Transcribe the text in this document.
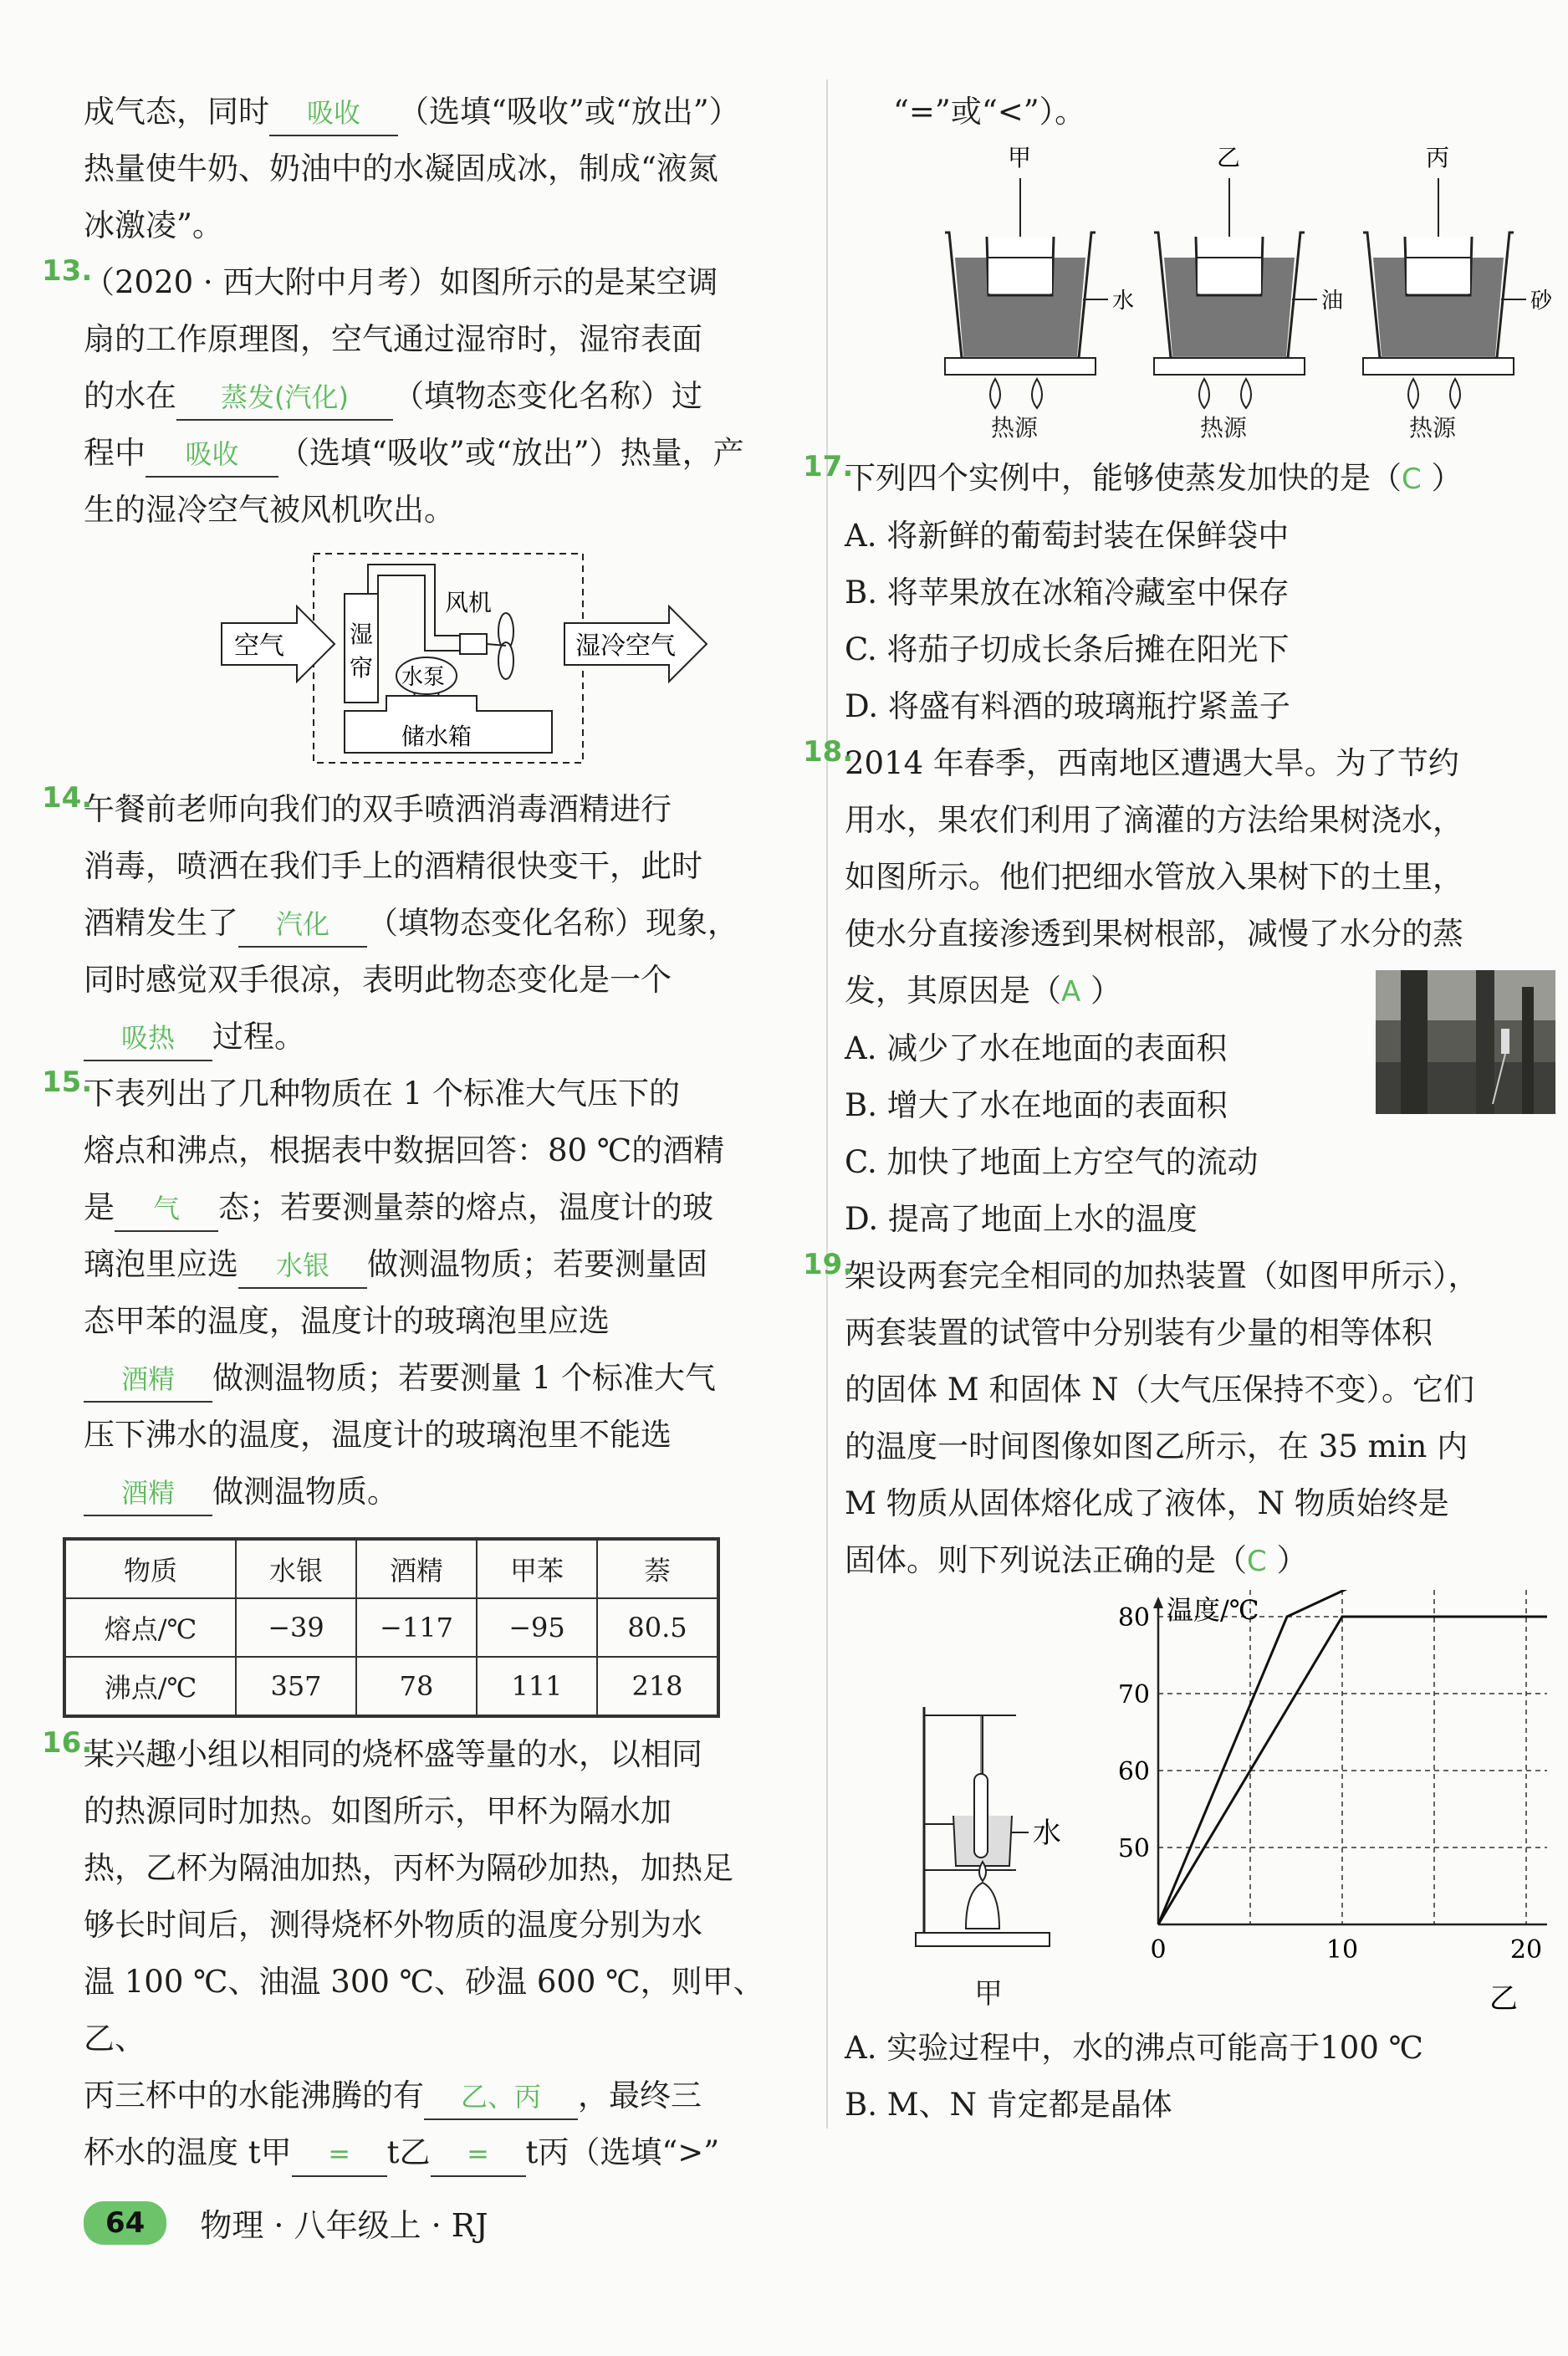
成气态，同时 吸收 （选填“吸收”或“放出”）

热量使牛奶、奶油中的水凝固成冰，制成“液氮

冰激凌”。

13.

（2020 · 西大附中月考）如图所示的是某空调

扇的工作原理图，空气通过湿帘时，湿帘表面

的水在 蒸发(汽化) （填物态变化名称）过

程中 吸收 （选填“吸收”或“放出”）热量，产

生的湿冷空气被风机吹出。

空气	湿
帘
风机
水泵
储水箱
湿冷空气
14.

午餐前老师向我们的双手喷洒消毒酒精进行

消毒，喷洒在我们手上的酒精很快变干，此时

酒精发生了 汽化 （填物态变化名称）现象，

同时感觉双手很凉，表明此物态变化是一个

吸热 过程。

15.

下表列出了几种物质在 1 个标准大气压下的

熔点和沸点，根据表中数据回答：80 ℃的酒精

是 气 态；若要测量萘的熔点，温度计的玻

璃泡里应选 水银 做测温物质；若要测量固

态甲苯的温度，温度计的玻璃泡里应选

酒精 做测温物质；若要测量 1 个标准大气

压下沸水的温度，温度计的玻璃泡里不能选

酒精 做测温物质。

物质	水银	酒精	甲苯	萘
熔点/℃	−39	−117	−95	80.5
沸点/℃	357	78	111	218
16.

某兴趣小组以相同的烧杯盛等量的水，以相同

的热源同时加热。如图所示，甲杯为隔水加

热，乙杯为隔油加热，丙杯为隔砂加热，加热足

够长时间后，测得烧杯外物质的温度分别为水

温 100 ℃、油温 300 ℃、砂温 600 ℃，则甲、乙、

丙三杯中的水能沸腾的有 乙、丙 ，最终三

杯水的温度 t甲 = t乙 = t丙（选填“>”

“=”或“<”）。

甲
水
乙
油
丙
砂
热源	热源	热源
17.

下列四个实例中，能够使蒸发加快的是（C ）

A. 将新鲜的葡萄封装在保鲜袋中

B. 将苹果放在冰箱冷藏室中保存

C. 将茄子切成长条后摊在阳光下

D. 将盛有料酒的玻璃瓶拧紧盖子

18.

2014 年春季，西南地区遭遇大旱。为了节约

用水，果农们利用了滴灌的方法给果树浇水，

如图所示。他们把细水管放入果树下的土里，

使水分直接渗透到果树根部，减慢了水分的蒸

发，其原因是（A ）

A. 减少了水在地面的表面积

B. 增大了水在地面的表面积

C. 加快了地面上方空气的流动

D. 提高了地面上水的温度

19.

架设两套完全相同的加热装置（如图甲所示），

两套装置的试管中分别装有少量的相等体积

的固体 M 和固体 N（大气压保持不变）。它们

的温度一时间图像如图乙所示，在 35 min 内

M 物质从固体熔化成了液体，N 物质始终是

固体。则下列说法正确的是（C ）

水
甲
50
60
70
80
0	10	20
温度/℃
乙

A. 实验过程中，水的沸点可能高于100 ℃

B. M、N 肯定都是晶体

64	物理 · 八年级上 · RJ
